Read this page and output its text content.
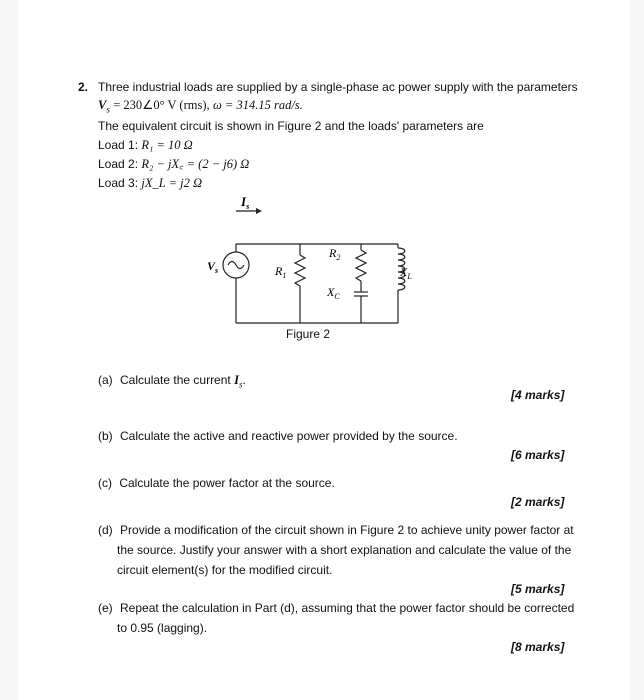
2. Three industrial loads are supplied by a single-phase ac power supply with the parameters
$V_s$ = 230∠0° V (rms), ω = 314.15 rad/s.
The equivalent circuit is shown in Figure 2 and the loads' parameters are
Load 1: R₁ = 10 Ω
Load 2: R₂ − jX꜀ = (2 − j6) Ω
Load 3: jX_L = j2 Ω
$I_s$
$V_s$	$R_1$
$R_2$
$X_C$
$X_L$
Figure 2
(a) Calculate the current $I_s$.
[4 marks]
(b) Calculate the active and reactive power provided by the source.
[6 marks]
(c) Calculate the power factor at the source.
[2 marks]
(d) Provide a modification of the circuit shown in Figure 2 to achieve unity power factor at
the source. Justify your answer with a short explanation and calculate the value of the
circuit element(s) for the modified circuit.
[5 marks]
(e) Repeat the calculation in Part (d), assuming that the power factor should be corrected
to 0.95 (lagging).
[8 marks]
